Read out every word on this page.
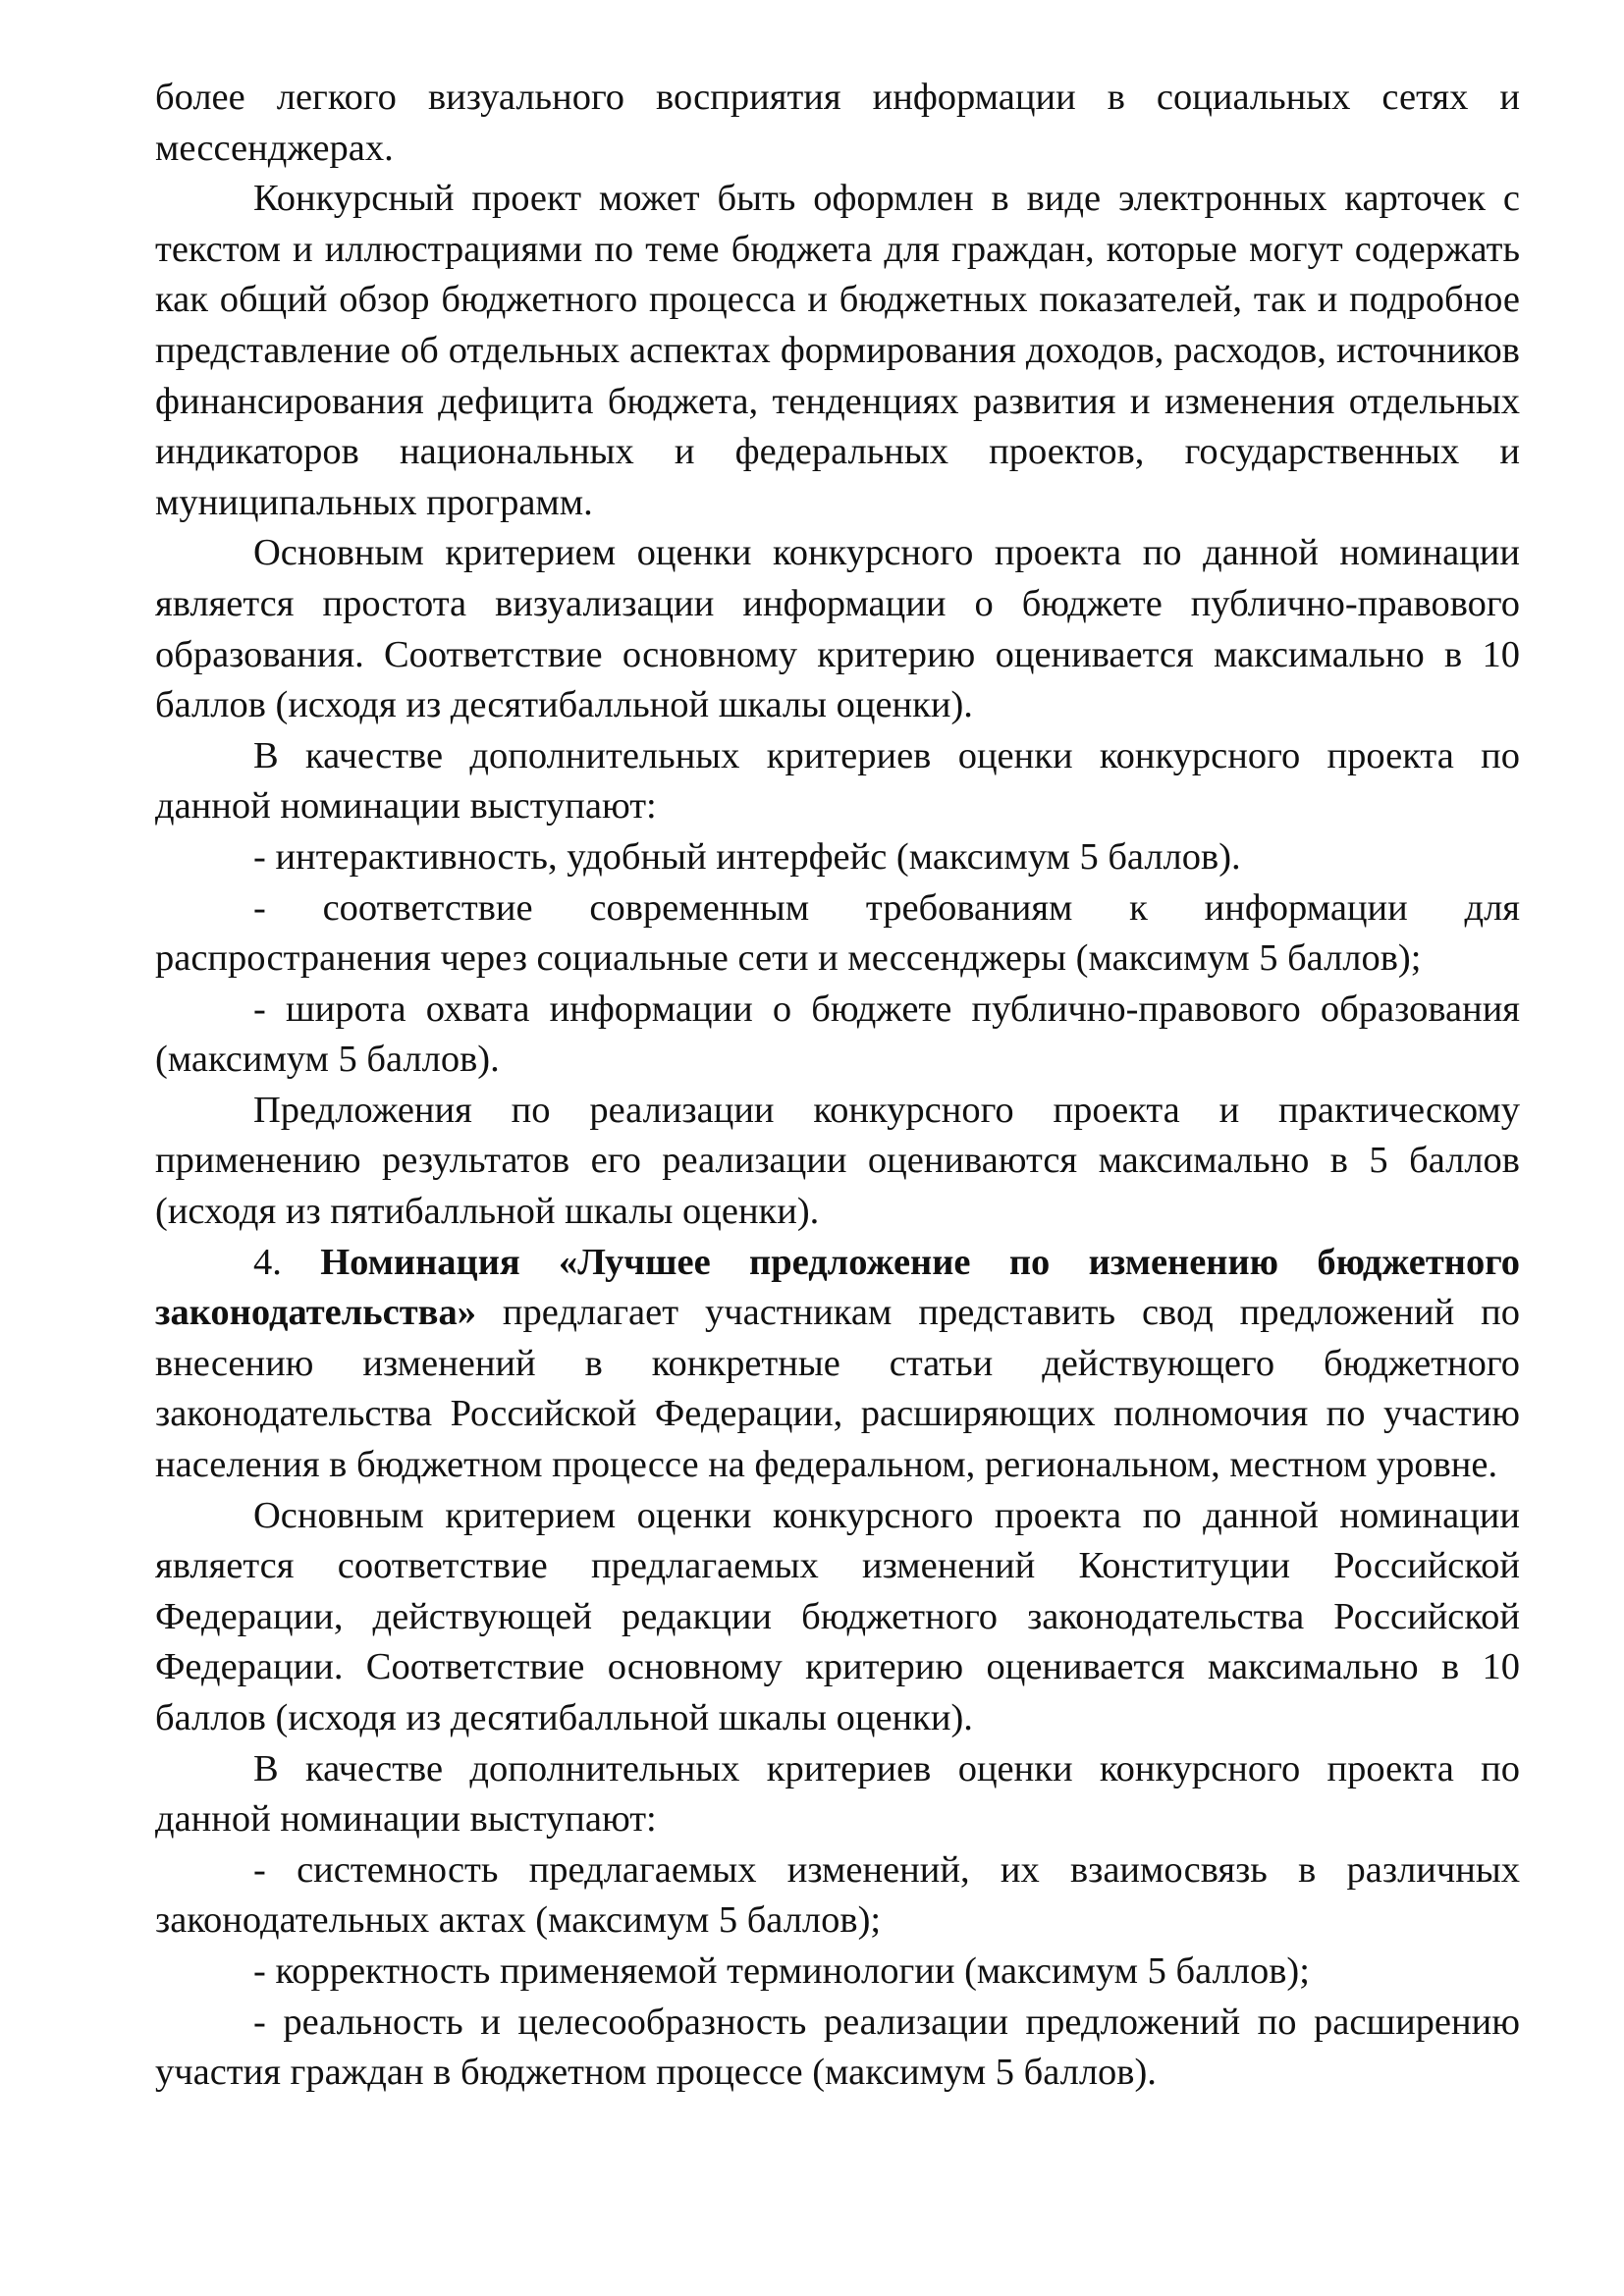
более легкого визуального восприятия информации в социальных сетях и мессенджерах.

Конкурсный проект может быть оформлен в виде электронных карточек с текстом и иллюстрациями по теме бюджета для граждан, которые могут содержать как общий обзор бюджетного процесса и бюджетных показателей, так и подробное представление об отдельных аспектах формирования доходов, расходов, источников финансирования дефицита бюджета, тенденциях развития и изменения отдельных индикаторов национальных и федеральных проектов, государственных и муниципальных программ.

Основным критерием оценки конкурсного проекта по данной номинации является простота визуализации информации о бюджете публично-правового образования. Соответствие основному критерию оценивается максимально в 10 баллов (исходя из десятибалльной шкалы оценки).

В качестве дополнительных критериев оценки конкурсного проекта по данной номинации выступают:

- интерактивность, удобный интерфейс (максимум 5 баллов).

- соответствие современным требованиям к информации для распространения через социальные сети и мессенджеры (максимум 5 баллов);

- широта охвата информации о бюджете публично-правового образования (максимум 5 баллов).

Предложения по реализации конкурсного проекта и практическому применению результатов его реализации оцениваются максимально в 5 баллов (исходя из пятибалльной шкалы оценки).

4. Номинация «Лучшее предложение по изменению бюджетного законодательства» предлагает участникам представить свод предложений по внесению изменений в конкретные статьи действующего бюджетного законодательства Российской Федерации, расширяющих полномочия по участию населения в бюджетном процессе на федеральном, региональном, местном уровне.

Основным критерием оценки конкурсного проекта по данной номинации является соответствие предлагаемых изменений Конституции Российской Федерации, действующей редакции бюджетного законодательства Российской Федерации. Соответствие основному критерию оценивается максимально в 10 баллов (исходя из десятибалльной шкалы оценки).

В качестве дополнительных критериев оценки конкурсного проекта по данной номинации выступают:

- системность предлагаемых изменений, их взаимосвязь в различных законодательных актах (максимум 5 баллов);

- корректность применяемой терминологии (максимум 5 баллов);

- реальность и целесообразность реализации предложений по расширению участия граждан в бюджетном процессе (максимум 5 баллов).
